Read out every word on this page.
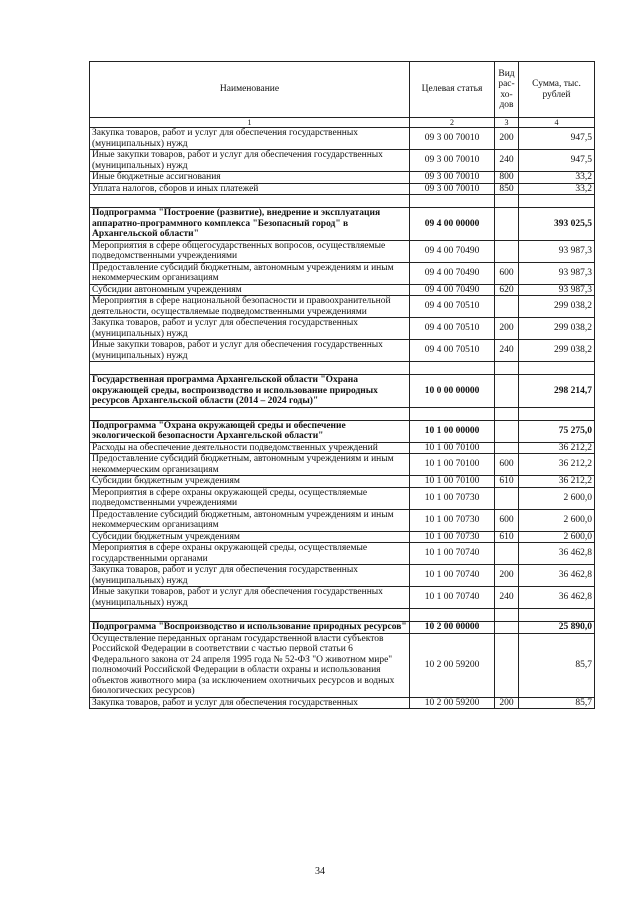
Наименование	Целевая статья	Вид рас-хо-дов	Сумма, тыс. рублей
1	2	3	4
Закупка товаров, работ и услуг для обеспечения государственных (муниципальных) нужд	09 3 00 70010	200	947,5
Иные закупки товаров, работ и услуг для обеспечения государственных (муниципальных) нужд	09 3 00 70010	240	947,5
Иные бюджетные ассигнования	09 3 00 70010	800	33,2
Уплата налогов, сборов и иных платежей	09 3 00 70010	850	33,2

Подпрограмма "Построение (развитие), внедрение и эксплуатация аппаратно-программного комплекса "Безопасный город" в Архангельской области"	09 4 00 00000		393 025,5
Мероприятия в сфере общегосударственных вопросов, осуществляемые подведомственными учреждениями	09 4 00 70490		93 987,3
Предоставление субсидий бюджетным, автономным учреждениям и иным некоммерческим организациям	09 4 00 70490	600	93 987,3
Субсидии автономным учреждениям	09 4 00 70490	620	93 987,3
Мероприятия в сфере национальной безопасности и правоохранительной деятельности, осуществляемые подведомственными учреждениями	09 4 00 70510		299 038,2
Закупка товаров, работ и услуг для обеспечения государственных (муниципальных) нужд	09 4 00 70510	200	299 038,2
Иные закупки товаров, работ и услуг для обеспечения государственных (муниципальных) нужд	09 4 00 70510	240	299 038,2

Государственная программа Архангельской области "Охрана окружающей среды, воспроизводство и использование природных ресурсов Архангельской области (2014 – 2024 годы)"	10 0 00 00000		298 214,7

Подпрограмма "Охрана окружающей среды и обеспечение экологической безопасности Архангельской области"	10 1 00 00000		75 275,0
Расходы на обеспечение деятельности подведомственных учреждений	10 1 00 70100		36 212,2
Предоставление субсидий бюджетным, автономным учреждениям и иным некоммерческим организациям	10 1 00 70100	600	36 212,2
Субсидии бюджетным учреждениям	10 1 00 70100	610	36 212,2
Мероприятия в сфере охраны окружающей среды, осуществляемые подведомственными учреждениями	10 1 00 70730		2 600,0
Предоставление субсидий бюджетным, автономным учреждениям и иным некоммерческим организациям	10 1 00 70730	600	2 600,0
Субсидии бюджетным учреждениям	10 1 00 70730	610	2 600,0
Мероприятия в сфере охраны окружающей среды, осуществляемые государственными органами	10 1 00 70740		36 462,8
Закупка товаров, работ и услуг для обеспечения государственных (муниципальных) нужд	10 1 00 70740	200	36 462,8
Иные закупки товаров, работ и услуг для обеспечения государственных (муниципальных) нужд	10 1 00 70740	240	36 462,8

Подпрограмма "Воспроизводство и использование природных ресурсов"	10 2 00 00000		25 890,0
Осуществление переданных органам государственной власти субъектов Российской Федерации в соответствии с частью первой статьи 6 Федерального закона от 24 апреля 1995 года № 52-ФЗ "О животном мире" полномочий Российской Федерации в области охраны и использования объектов животного мира (за исключением охотничьих ресурсов и водных биологических ресурсов)	10 2 00 59200		85,7
Закупка товаров, работ и услуг для обеспечения государственных	10 2 00 59200	200	85,7
34
